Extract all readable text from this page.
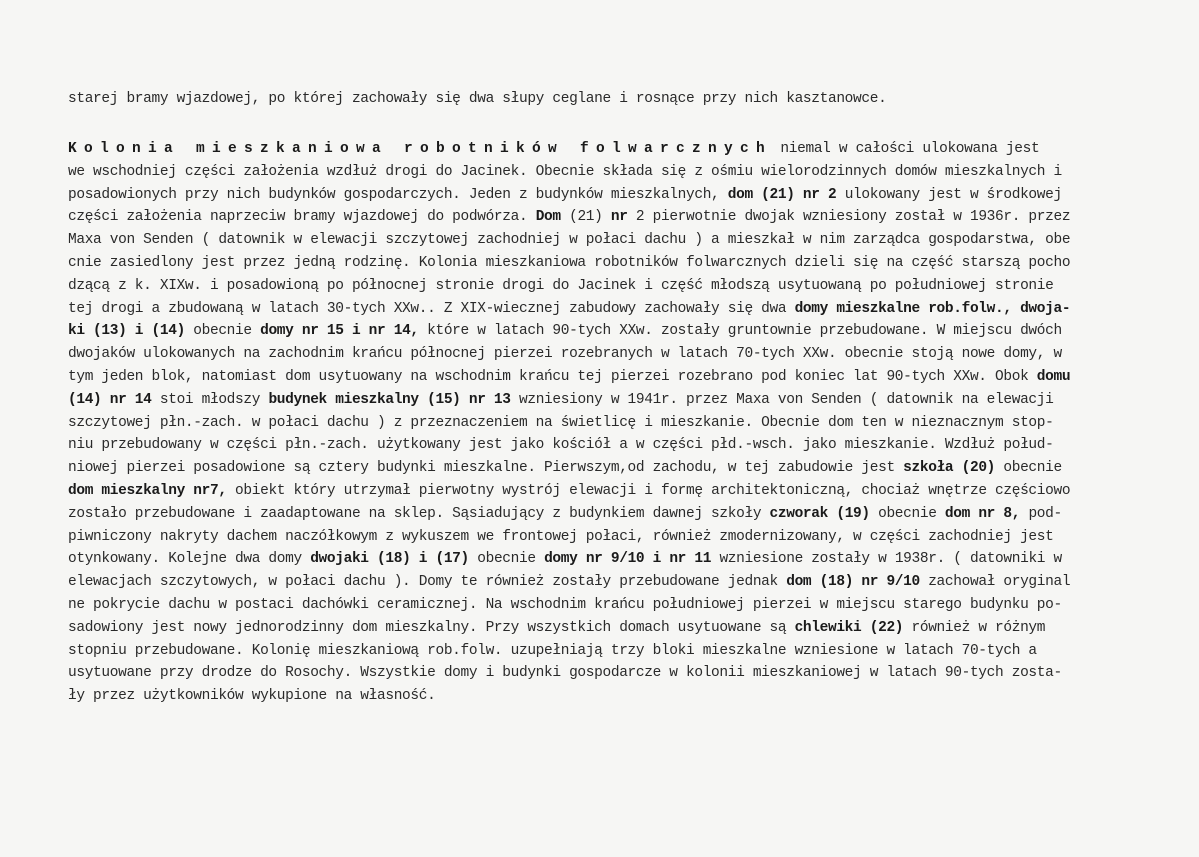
starej bramy wjazdowej, po której zachowały się dwa słupy ceglane i rosnące przy nich kasztanowce.
Kolonia mieszkaniowa robotników folwarcznych niemal w całości ulokowana jest
we wschodniej części założenia wzdłuż drogi do Jacinek. Obecnie składa się z ośmiu wielorodzinnych domów mieszkalnych i
posadowionych przy nich budynków gospodarczych. Jeden z budynków mieszkalnych, dom (21) nr 2 ulokowany jest w środkowej
części założenia naprzeciw bramy wjazdowej do podwórza. Dom (21) nr 2 pierwotnie dwojak wzniesiony został w 1936r. przez
Maxa von Senden ( datownik w elewacji szczytowej zachodniej w połaci dachu ) a mieszkał w nim zarządca gospodarstwa, obe
cnie zasiedlony jest przez jedną rodzinę. Kolonia mieszkaniowa robotników folwarcznych dzieli się na część starszą pocho
dzącą z k. XIXw. i posadowioną po północnej stronie drogi do Jacinek i część młodszą usytuowaną po południowej stronie
tej drogi a zbudowaną w latach 30-tych XXw.. Z XIX-wiecznej zabudowy zachowały się dwa domy mieszkalne rob.folw., dwoja-
ki (13) i (14) obecnie domy nr 15 i nr 14, które w latach 90-tych XXw. zostały gruntownie przebudowane. W miejscu dwóch
dwojaków ulokowanych na zachodnim krańcu północnej pierzei rozebranych w latach 70-tych XXw. obecnie stoją nowe domy, w
tym jeden blok, natomiast dom usytuowany na wschodnim krańcu tej pierzei rozebrano pod koniec lat 90-tych XXw. Obok domu
(14) nr 14 stoi młodszy budynek mieszkalny (15) nr 13 wzniesiony w 1941r. przez Maxa von Senden ( datownik na elewacji
szczytowej płn.-zach. w połaci dachu ) z przeznaczeniem na świetlicę i mieszkanie. Obecnie dom ten w nieznacznym stop-
niu przebudowany w części płn.-zach. użytkowany jest jako kościół a w części płd.-wsch. jako mieszkanie. Wzdłuż połud-
niowej pierzei posadowione są cztery budynki mieszkalne. Pierwszym,od zachodu, w tej zabudowie jest szkoła (20) obecnie
dom mieszkalny nr7, obiekt który utrzymał pierwotny wystrój elewacji i formę architektoniczną, chociaż wnętrze częściowo
zostało przebudowane i zaadaptowane na sklep. Sąsiadujący z budynkiem dawnej szkoły czworak (19) obecnie dom nr 8, pod-
piwniczony nakryty dachem naczółkowym z wykuszem we frontowej połaci, również zmodernizowany, w części zachodniej jest
otynkowany. Kolejne dwa domy dwojaki (18) i (17) obecnie domy nr 9/10 i nr 11 wzniesione zostały w 1938r. ( datowniki w
elewacjach szczytowych, w połaci dachu ). Domy te również zostały przebudowane jednak dom (18) nr 9/10 zachował oryginal
ne pokrycie dachu w postaci dachówki ceramicznej. Na wschodnim krańcu południowej pierzei w miejscu starego budynku po-
sadowiony jest nowy jednorodzinny dom mieszkalny. Przy wszystkich domach usytuowane są chlewiki (22) również w różnym
stopniu przebudowane. Kolonię mieszkaniową rob.folw. uzupełniają trzy bloki mieszkalne wzniesione w latach 70-tych a
usytuowane przy drodze do Rosochy. Wszystkie domy i budynki gospodarcze w kolonii mieszkaniowej w latach 90-tych zosta-
ły przez użytkowników wykupione na własność.
